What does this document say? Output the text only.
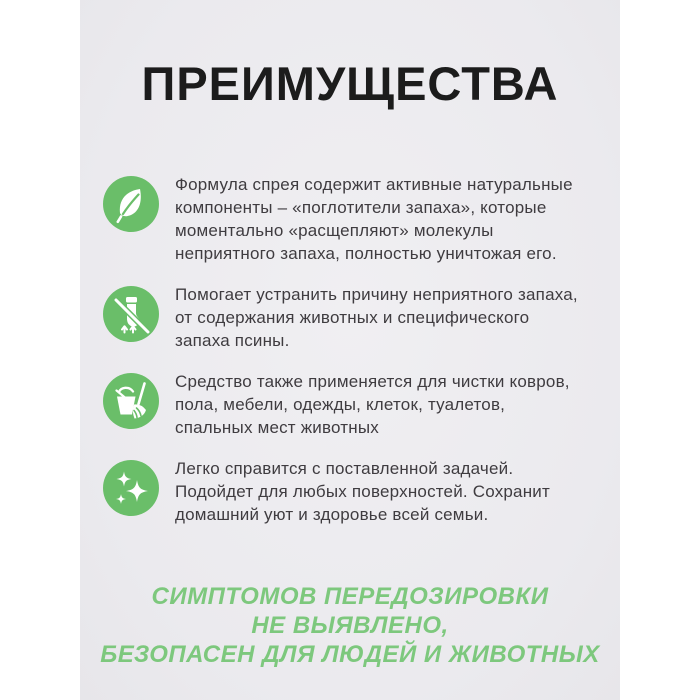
ПРЕИМУЩЕСТВА

Формула спрея содержит активные натуральные компоненты – «поглотители запаха», которые моментально «расщепляют» молекулы неприятного запаха, полностью уничтожая его.

Помогает устранить причину неприятного запаха, от содержания животных и специфического запаха псины.

Средство также применяется для чистки ковров, пола, мебели, одежды, клеток, туалетов, спальных мест животных

Легко справится с поставленной задачей. Подойдет для любых поверхностей. Сохранит домашний уют и здоровье всей семьи.

СИМПТОМОВ ПЕРЕДОЗИРОВКИ
НЕ ВЫЯВЛЕНО,
БЕЗОПАСЕН ДЛЯ ЛЮДЕЙ И ЖИВОТНЫХ
